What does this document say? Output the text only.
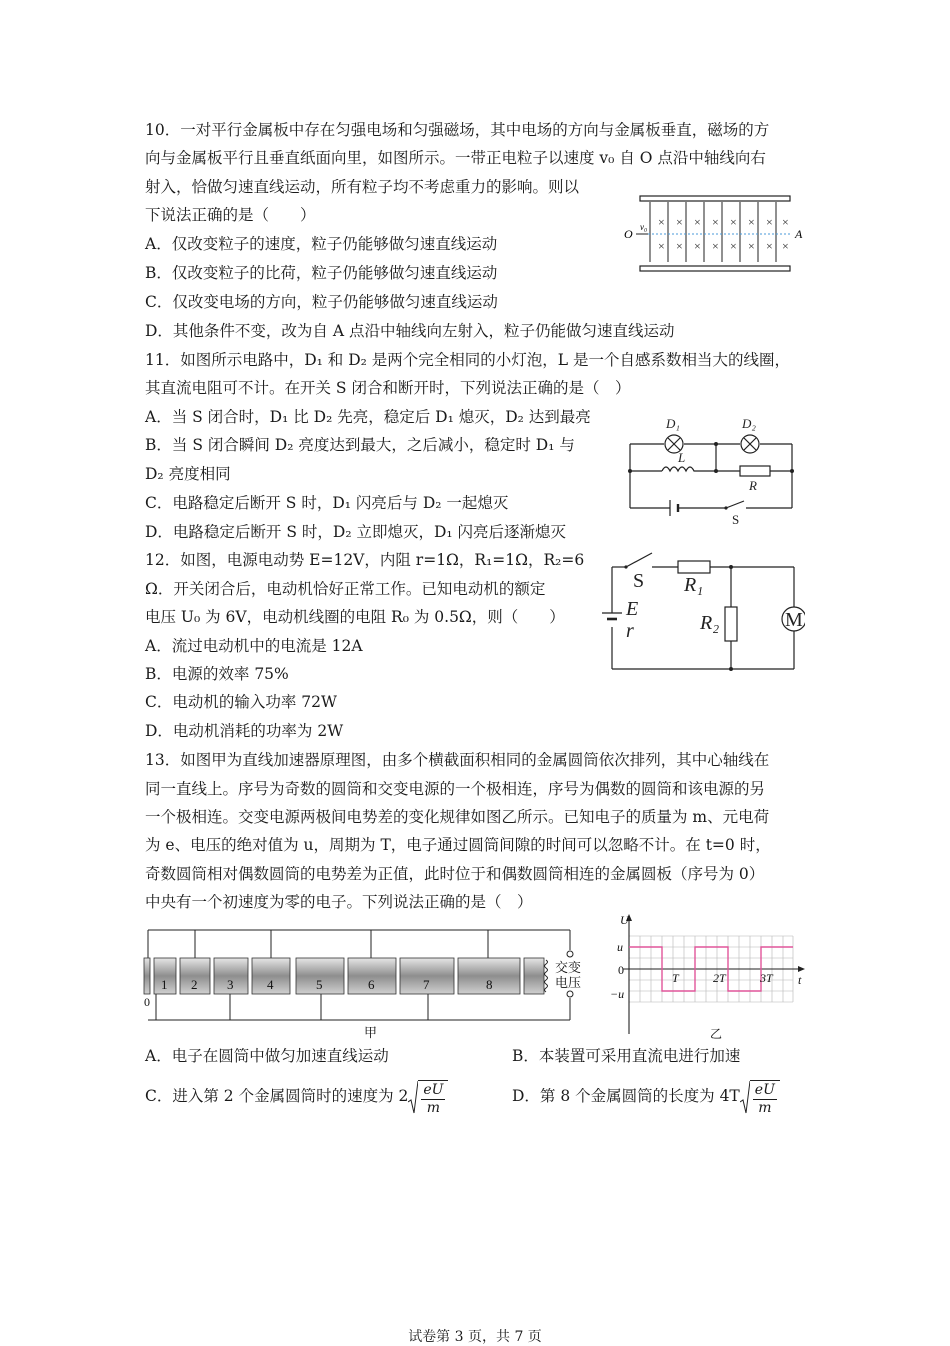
10．一对平行金属板中存在匀强电场和匀强磁场，其中电场的方向与金属板垂直，磁场的方
向与金属板平行且垂直纸面向里，如图所示。一带正电粒子以速度 v₀ 自 O 点沿中轴线向右
射入，恰做匀速直线运动，所有粒子均不考虑重力的影响。则以
下说法正确的是（　　）
A．仅改变粒子的速度，粒子仍能够做匀速直线运动
B．仅改变粒子的比荷，粒子仍能够做匀速直线运动
C．仅改变电场的方向，粒子仍能够做匀速直线运动
D．其他条件不变，改为自 A 点沿中轴线向左射入，粒子仍能做匀速直线运动
× × × × × × ×
× × × × × × ×
×
×
O v₀	A
11．如图所示电路中，D₁ 和 D₂ 是两个完全相同的小灯泡，L 是一个自感系数相当大的线圈，
其直流电阻可不计。在开关 S 闭合和断开时，下列说法正确的是（　）
A．当 S 闭合时，D₁ 比 D₂ 先亮，稳定后 D₁ 熄灭，D₂ 达到最亮
B．当 S 闭合瞬间 D₂ 亮度达到最大，之后减小，稳定时 D₁ 与
D₂ 亮度相同
C．电路稳定后断开 S 时，D₁ 闪亮后与 D₂ 一起熄灭
D．电路稳定后断开 S 时，D₂ 立即熄灭，D₁ 闪亮后逐渐熄灭
D₁	D₂
L
R
S
12．如图，电源电动势 E=12V，内阻 r=1Ω，R₁=1Ω，R₂=6
Ω．开关闭合后，电动机恰好正常工作。已知电动机的额定
电压 U₀ 为 6V，电动机线圈的电阻 R₀ 为 0.5Ω，则（　　）
A．流过电动机中的电流是 12A
B．电源的效率 75%
C．电动机的输入功率 72W
D．电动机消耗的功率为 2W
S R₁
E
r	R₂	M
13．如图甲为直线加速器原理图，由多个横截面积相同的金属圆筒依次排列，其中心轴线在
同一直线上。序号为奇数的圆筒和交变电源的一个极相连，序号为偶数的圆筒和该电源的另
一个极相连。交变电源两极间电势差的变化规律如图乙所示。已知电子的质量为 m、元电荷
为 e、电压的绝对值为 u，周期为 T，电子通过圆筒间隙的时间可以忽略不计。在 t=0 时，
奇数圆筒相对偶数圆筒的电势差为正值，此时位于和偶数圆筒相连的金属圆板（序号为 0）
中央有一个初速度为零的电子。下列说法正确的是（　）
1 2 3	4	5	6	7	8
0
交变
电压
甲
U
u
0
−u
T	2T	3T t
乙
A．电子在圆筒中做匀加速直线运动	B．本装置可采用直流电进行加速
C．进入第 2 个金属圆筒时的速度为 $2 \frac{eU}{m}$	D．第 8 个金属圆筒的长度为 $4T \frac{eU}{m}$
试卷第 3 页，共 7 页
